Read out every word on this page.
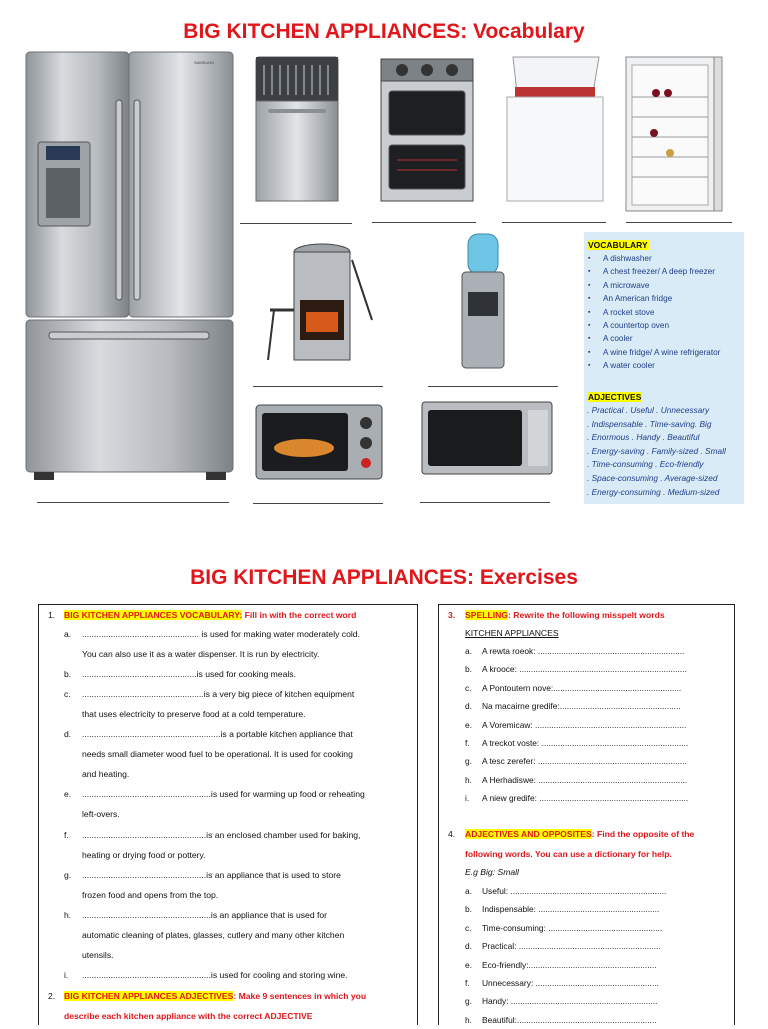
BIG KITCHEN APPLIANCES: Vocabulary
SAMSUNG
VOCABULARY
▪ A dishwasher
▪ A chest freezer/ A deep freezer
▪ A microwave
▪ An American fridge
▪ A rocket stove
▪ A countertop oven
▪ A cooler
▪ A wine fridge/ A wine refrigerator
▪ A water cooler
ADJECTIVES
. Practical . Useful . Unnecessary
. Indispensable . Time-saving. Big
. Enormous . Handy . Beautiful
. Energy-saving . Family-sized . Small
. Time-consuming . Eco-friendly
. Space-consuming . Average-sized
. Energy-consuming . Medium-sized
BIG KITCHEN APPLIANCES: Exercises
1. BIG KITCHEN APPLIANCES VOCABULARY: Fill in with the correct word
a. ................................................. is used for making water moderately cold.
You can also use it as a water dispenser. It is run by electricity.
b. ................................................is used for cooking meals.
c. ...................................................is a very big piece of kitchen equipment
that uses electricity to preserve food at a cold temperature.
d. ..........................................................is a portable kitchen appliance that
needs small diameter wood fuel to be operational. It is used for cooking
and heating.
e. ......................................................is used for warming up food or reheating
left-overs.
f. ....................................................is an enclosed chamber used for baking,
heating or drying food or pottery.
g. ....................................................is an appliance that is used to store
frozen food and opens from the top.
h. ......................................................is an appliance that is used for
automatic cleaning of plates, glasses, cutlery and many other kitchen
utensils.
i. ......................................................is used for cooling and storing wine.
2. BIG KITCHEN APPLIANCES ADJECTIVES: Make 9 sentences in which you
describe each kitchen appliance with the correct ADJECTIVE
3. SPELLING: Rewrite the following misspelt words
KITCHEN APPLIANCES
a. A rewta roeok: ...............................................................
b. A krooce: ........................................................................
c. A Pontoutern nove:.......................................................
d. Na macairne gredife:....................................................
e. A Voremicaw: .................................................................
f. A treckot voste: ...............................................................
g. A tesc zerefer: ................................................................
h. A Herhadiswe: ................................................................
i. A niew gredife: ................................................................
4. ADJECTIVES AND OPPOSITES: Find the opposite of the
following words. You can use a dictionary for help.
E.g Big: Small
a. Useful: ...................................................................
b. Indispensable: ....................................................
c. Time-consuming: .................................................
d. Practical: .............................................................
e. Eco-friendly:.......................................................
f. Unnecessary: .....................................................
g. Handy: ...............................................................
h. Beautiful:............................................................
